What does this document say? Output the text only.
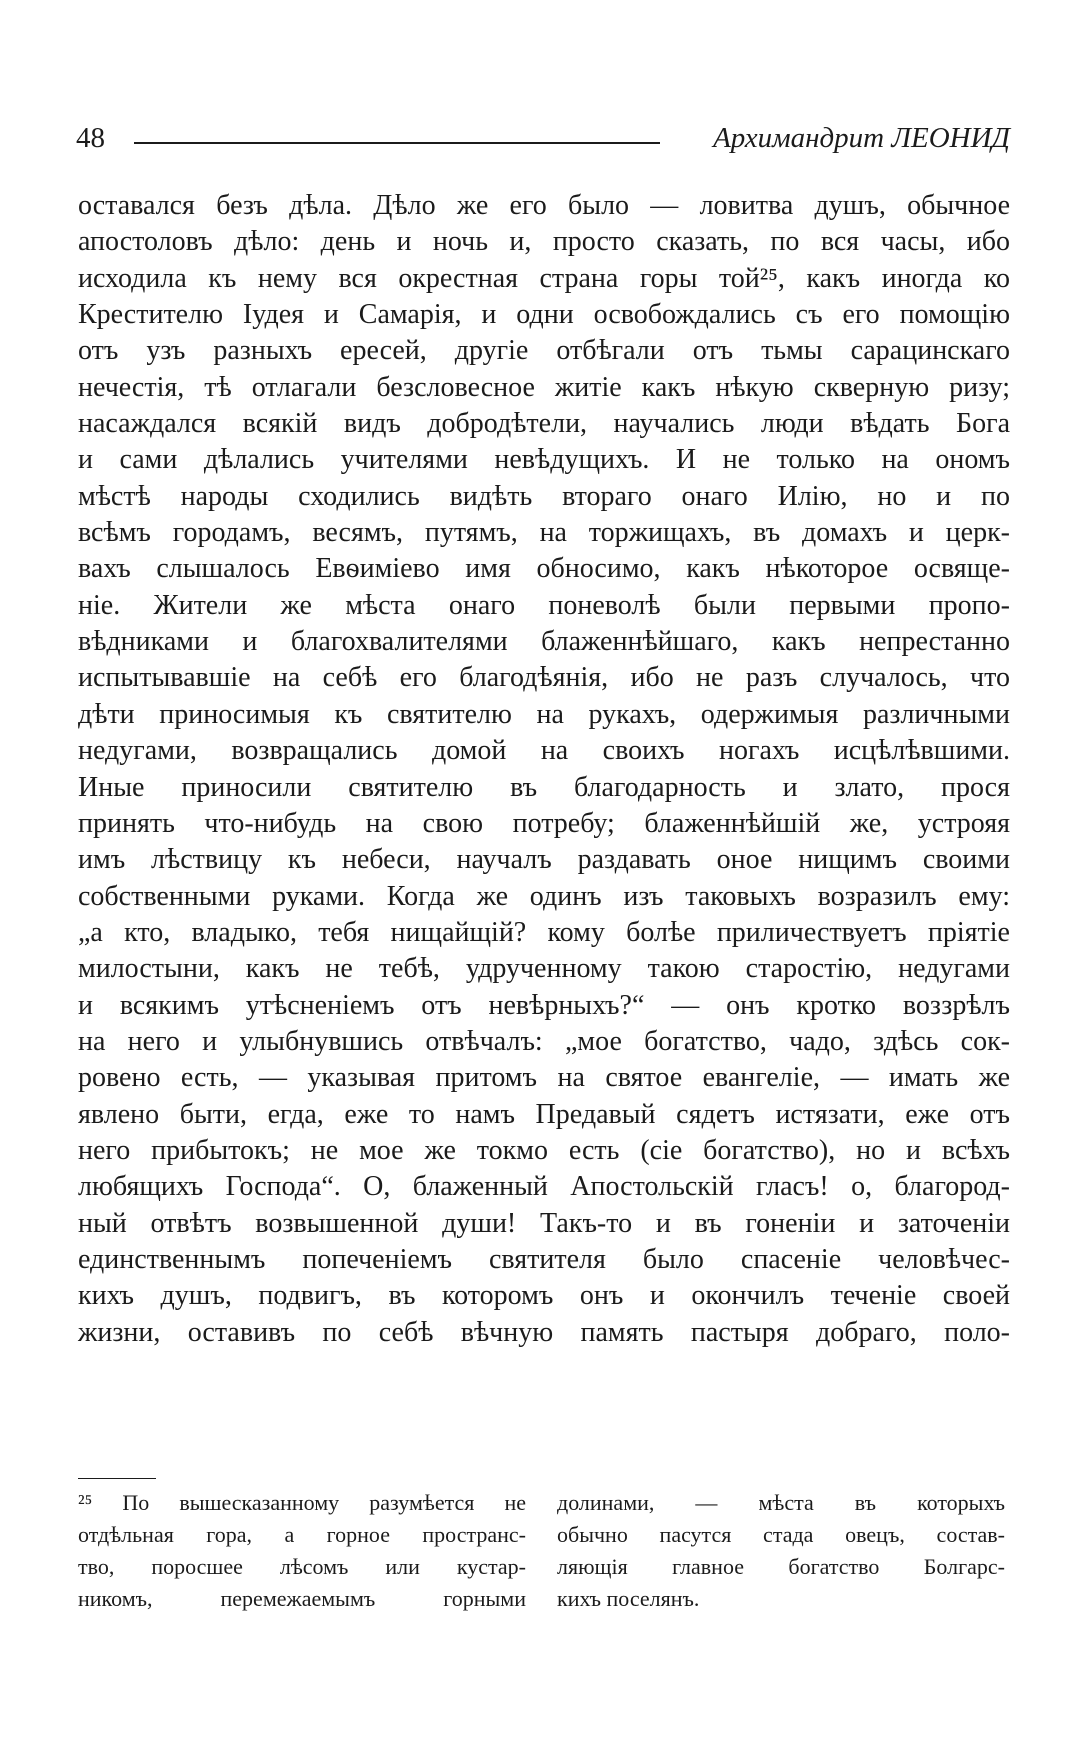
48	Архимандрит ЛЕОНИД
оставался безъ дѣла. Дѣло же его было — ловитва душъ, обычное
апостоловъ дѣло: день и ночь и, просто сказать, по вся часы, ибо
исходила къ нему вся окрестная страна горы той²⁵, какъ иногда ко
Крестителю Іудея и Самарія, и одни освобождались съ его помощію
отъ узъ разныхъ ересей, другіе отбѣгали отъ тьмы сарацинскаго
нечестія, тѣ отлагали безсловесное житіе какъ нѣкую скверную ризу;
насаждался всякій видъ добродѣтели, научались люди вѣдать Бога
и сами дѣлались учителями невѣдущихъ. И не только на ономъ
мѣстѣ народы сходились видѣть втораго онаго Илію, но и по
всѣмъ городамъ, весямъ, путямъ, на торжищахъ, въ домахъ и церк-
вахъ слышалось Евѳиміево имя обносимо, какъ нѣкоторое освяще-
ніе. Жители же мѣста онаго поневолѣ были первыми пропо-
вѣдниками и благохвалителями блаженнѣйшаго, какъ непрестанно
испытывавшіе на себѣ его благодѣянія, ибо не разъ случалось, что
дѣти приносимыя къ святителю на рукахъ, одержимыя различными
недугами, возвращались домой на своихъ ногахъ исцѣлѣвшими.
Иные приносили святителю въ благодарность и злато, прося
принять что-нибудь на свою потребу; блаженнѣйшій же, устрояя
имъ лѣствицу къ небеси, научалъ раздавать оное нищимъ своими
собственными руками. Когда же одинъ изъ таковыхъ возразилъ ему:
„а кто, владыко, тебя нищайщій? кому болѣе приличествуетъ пріятіе
милостыни, какъ не тебѣ, удрученному такою старостію, недугами
и всякимъ утѣсненіемъ отъ невѣрныхъ?“ — онъ кротко воззрѣлъ
на него и улыбнувшись отвѣчалъ: „мое богатство, чадо, здѣсь сок-
ровено есть, — указывая притомъ на святое евангеліе, — имать же
явлено быти, егда, еже то намъ Предавый сядетъ истязати, еже отъ
него прибытокъ; не мое же токмо есть (сіе богатство), но и всѣхъ
любящихъ Господа“. О, блаженный Апостольскій гласъ! о, благород-
ный отвѣтъ возвышенной души! Такъ-то и въ гоненіи и заточеніи
единственнымъ попеченіемъ святителя было спасеніе человѣчес-
кихъ душъ, подвигъ, въ которомъ онъ и окончилъ теченіе своей
жизни, оставивъ по себѣ вѣчную память пастыря добраго, поло-
²⁵ По вышесказанному разумѣется не
отдѣльная гора, а горное пространс-
тво, поросшее лѣсомъ или кустар-
никомъ, перемежаемымъ горными
долинами, — мѣста въ которыхъ
обычно пасутся стада овецъ, состав-
ляющія главное богатство Болгарс-
кихъ поселянъ.
